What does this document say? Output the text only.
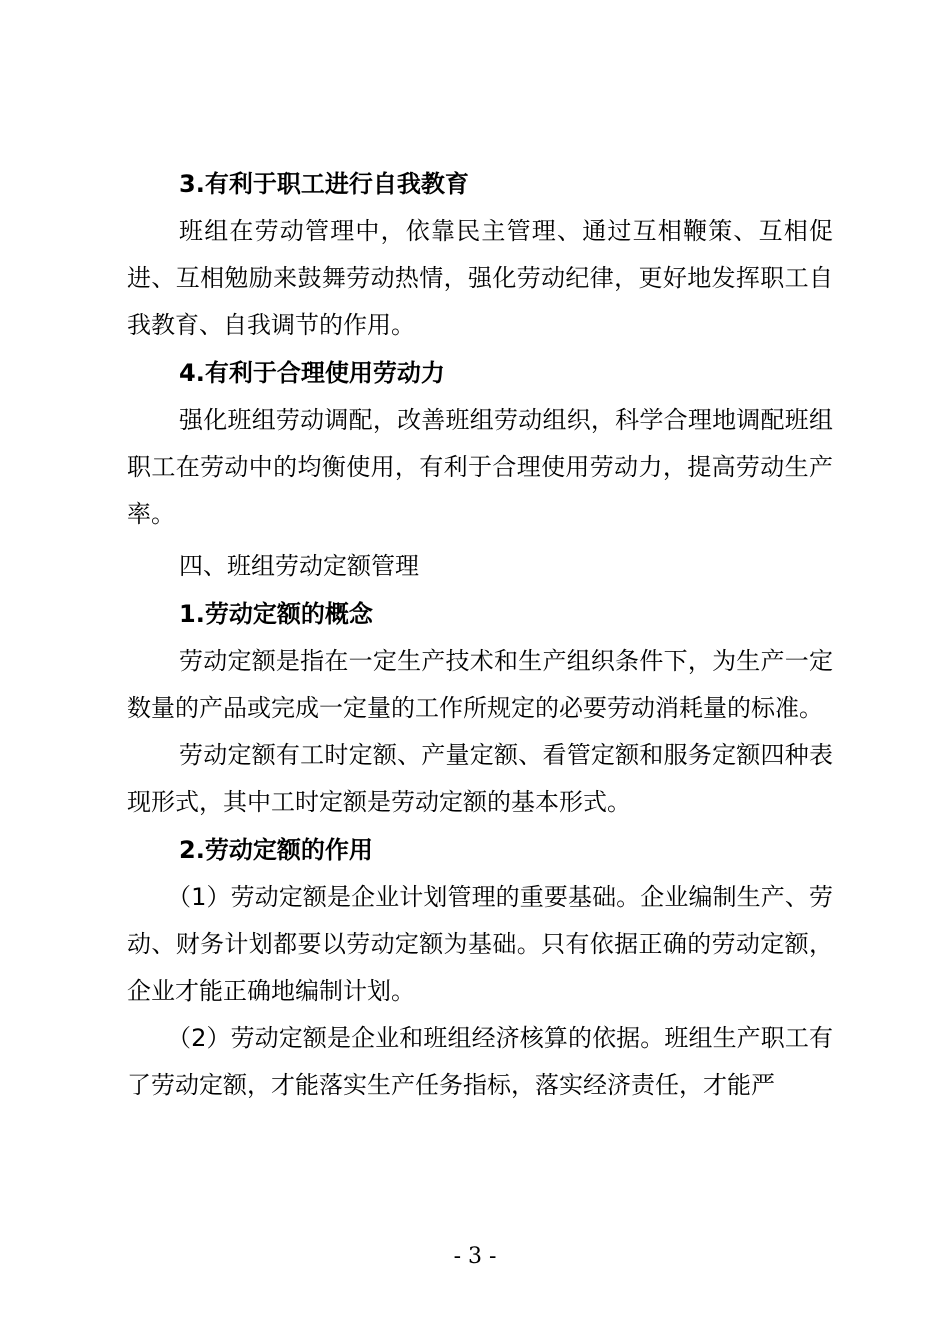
3.有利于职工进行自我教育

班组在劳动管理中，依靠民主管理、通过互相鞭策、互相促进、互相勉励来鼓舞劳动热情，强化劳动纪律，更好地发挥职工自我教育、自我调节的作用。

4.有利于合理使用劳动力

强化班组劳动调配，改善班组劳动组织，科学合理地调配班组职工在劳动中的均衡使用，有利于合理使用劳动力，提高劳动生产率。

四、班组劳动定额管理

1.劳动定额的概念

劳动定额是指在一定生产技术和生产组织条件下，为生产一定数量的产品或完成一定量的工作所规定的必要劳动消耗量的标准。

劳动定额有工时定额、产量定额、看管定额和服务定额四种表现形式，其中工时定额是劳动定额的基本形式。

2.劳动定额的作用

（1）劳动定额是企业计划管理的重要基础。企业编制生产、劳动、财务计划都要以劳动定额为基础。只有依据正确的劳动定额，企业才能正确地编制计划。

（2）劳动定额是企业和班组经济核算的依据。班组生产职工有了劳动定额，才能落实生产任务指标，落实经济责任，才能严

- 3 -
